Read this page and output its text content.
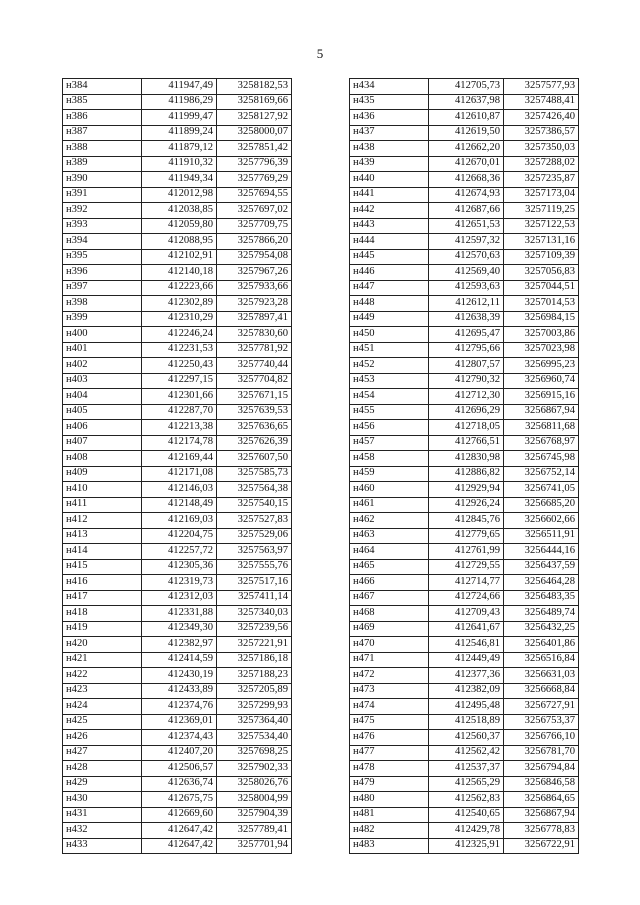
5
н384	411947,49	3258182,53
н385	411986,29	3258169,66
н386	411999,47	3258127,92
н387	411899,24	3258000,07
н388	411879,12	3257851,42
н389	411910,32	3257796,39
н390	411949,34	3257769,29
н391	412012,98	3257694,55
н392	412038,85	3257697,02
н393	412059,80	3257709,75
н394	412088,95	3257866,20
н395	412102,91	3257954,08
н396	412140,18	3257967,26
н397	412223,66	3257933,66
н398	412302,89	3257923,28
н399	412310,29	3257897,41
н400	412246,24	3257830,60
н401	412231,53	3257781,92
н402	412250,43	3257740,44
н403	412297,15	3257704,82
н404	412301,66	3257671,15
н405	412287,70	3257639,53
н406	412213,38	3257636,65
н407	412174,78	3257626,39
н408	412169,44	3257607,50
н409	412171,08	3257585,73
н410	412146,03	3257564,38
н411	412148,49	3257540,15
н412	412169,03	3257527,83
н413	412204,75	3257529,06
н414	412257,72	3257563,97
н415	412305,36	3257555,76
н416	412319,73	3257517,16
н417	412312,03	3257411,14
н418	412331,88	3257340,03
н419	412349,30	3257239,56
н420	412382,97	3257221,91
н421	412414,59	3257186,18
н422	412430,19	3257188,23
н423	412433,89	3257205,89
н424	412374,76	3257299,93
н425	412369,01	3257364,40
н426	412374,43	3257534,40
н427	412407,20	3257698,25
н428	412506,57	3257902,33
н429	412636,74	3258026,76
н430	412675,75	3258004,99
н431	412669,60	3257904,39
н432	412647,42	3257789,41
н433	412647,42	3257701,94
н434	412705,73	3257577,93
н435	412637,98	3257488,41
н436	412610,87	3257426,40
н437	412619,50	3257386,57
н438	412662,20	3257350,03
н439	412670,01	3257288,02
н440	412668,36	3257235,87
н441	412674,93	3257173,04
н442	412687,66	3257119,25
н443	412651,53	3257122,53
н444	412597,32	3257131,16
н445	412570,63	3257109,39
н446	412569,40	3257056,83
н447	412593,63	3257044,51
н448	412612,11	3257014,53
н449	412638,39	3256984,15
н450	412695,47	3257003,86
н451	412795,66	3257023,98
н452	412807,57	3256995,23
н453	412790,32	3256960,74
н454	412712,30	3256915,16
н455	412696,29	3256867,94
н456	412718,05	3256811,68
н457	412766,51	3256768,97
н458	412830,98	3256745,98
н459	412886,82	3256752,14
н460	412929,94	3256741,05
н461	412926,24	3256685,20
н462	412845,76	3256602,66
н463	412779,65	3256511,91
н464	412761,99	3256444,16
н465	412729,55	3256437,59
н466	412714,77	3256464,28
н467	412724,66	3256483,35
н468	412709,43	3256489,74
н469	412641,67	3256432,25
н470	412546,81	3256401,86
н471	412449,49	3256516,84
н472	412377,36	3256631,03
н473	412382,09	3256668,84
н474	412495,48	3256727,91
н475	412518,89	3256753,37
н476	412560,37	3256766,10
н477	412562,42	3256781,70
н478	412537,37	3256794,84
н479	412565,29	3256846,58
н480	412562,83	3256864,65
н481	412540,65	3256867,94
н482	412429,78	3256778,83
н483	412325,91	3256722,91
